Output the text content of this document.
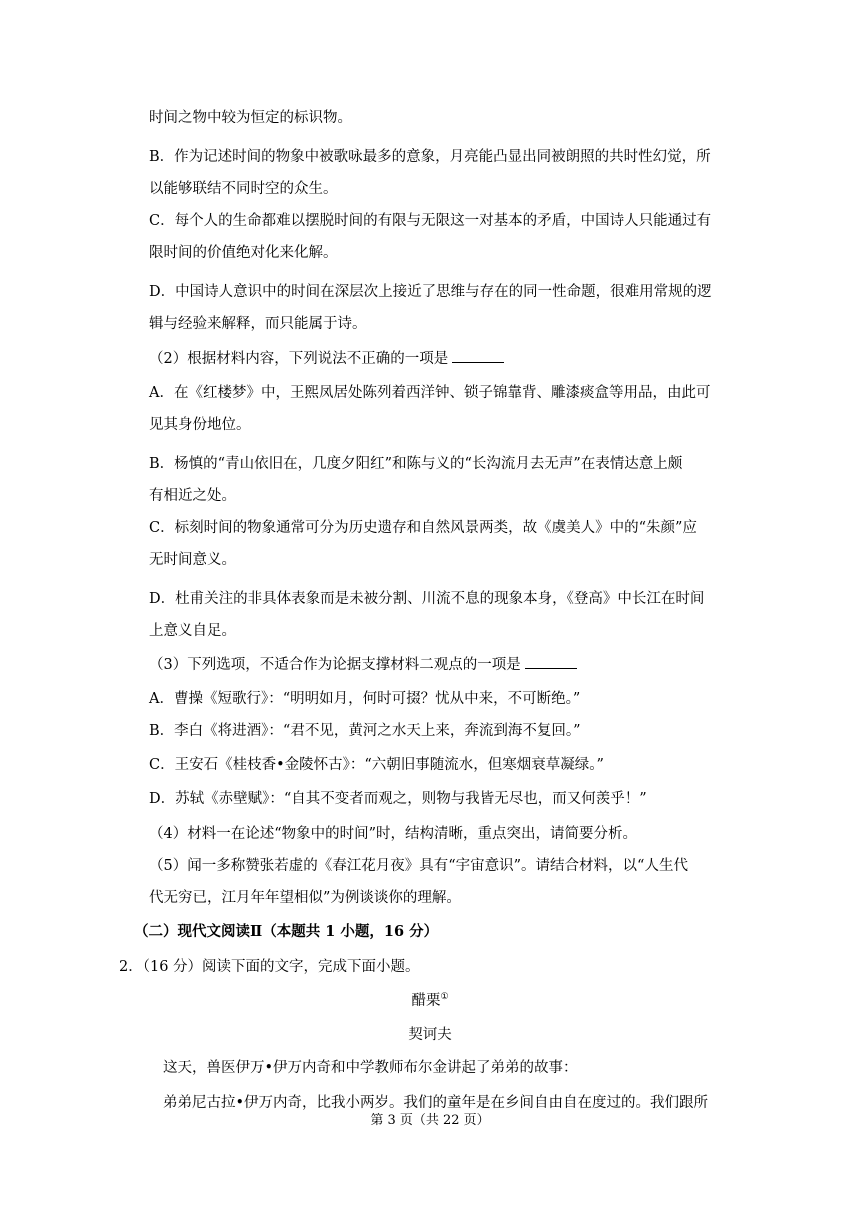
时间之物中较为恒定的标识物。
B．作为记述时间的物象中被歌咏最多的意象，月亮能凸显出同被朗照的共时性幻觉，所
以能够联结不同时空的众生。
C．每个人的生命都难以摆脱时间的有限与无限这一对基本的矛盾，中国诗人只能通过有
限时间的价值绝对化来化解。
D．中国诗人意识中的时间在深层次上接近了思维与存在的同一性命题，很难用常规的逻
辑与经验来解释，而只能属于诗。
（2）根据材料内容，下列说法不正确的一项是
A．在《红楼梦》中，王熙凤居处陈列着西洋钟、锁子锦靠背、雕漆痰盒等用品，由此可
见其身份地位。
B．杨慎的“青山依旧在，几度夕阳红”和陈与义的“长沟流月去无声”在表情达意上颇
有相近之处。
C．标刻时间的物象通常可分为历史遗存和自然风景两类，故《虞美人》中的“朱颜”应
无时间意义。
D．杜甫关注的非具体表象而是未被分割、川流不息的现象本身，《登高》中长江在时间
上意义自足。
（3）下列选项，不适合作为论据支撑材料二观点的一项是
A．曹操《短歌行》：“明明如月，何时可掇？忧从中来，不可断绝。”
B．李白《将进酒》：“君不见，黄河之水天上来，奔流到海不复回。”
C．王安石《桂枝香•金陵怀古》：“六朝旧事随流水，但寒烟衰草凝绿。”
D．苏轼《赤壁赋》：“自其不变者而观之，则物与我皆无尽也，而又何羡乎！”
（4）材料一在论述“物象中的时间”时，结构清晰，重点突出，请简要分析。
（5）闻一多称赞张若虚的《春江花月夜》具有“宇宙意识”。请结合材料，以“人生代
代无穷已，江月年年望相似”为例谈谈你的理解。
（二）现代文阅读Ⅱ（本题共 1 小题，16 分）
2．（16 分）阅读下面的文字，完成下面小题。
醋栗①
契诃夫
这天，兽医伊万•伊万内奇和中学教师布尔金讲起了弟弟的故事：
弟弟尼古拉•伊万内奇，比我小两岁。我们的童年是在乡间自由自在度过的。我们跟所
第 3 页（共 22 页）
